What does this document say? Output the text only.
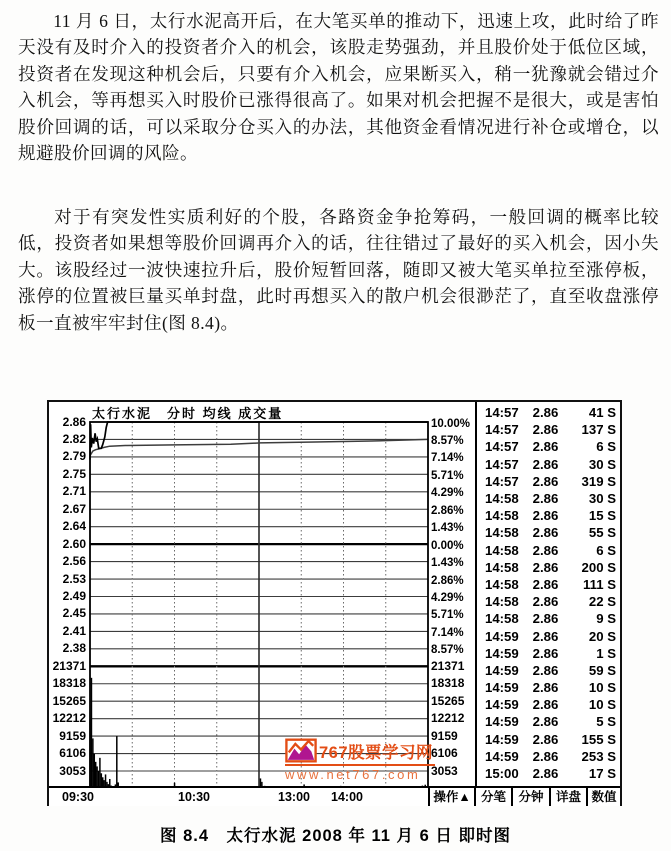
11 月 6 日，太行水泥高开后，在大笔买单的推动下，迅速上攻，此时给了昨天没有及时介入的投资者介入的机会，该股走势强劲，并且股价处于低位区域，投资者在发现这种机会后，只要有介入机会，应果断买入，稍一犹豫就会错过介入机会，等再想买入时股价已涨得很高了。如果对机会把握不是很大，或是害怕股价回调的话，可以采取分仓买入的办法，其他资金看情况进行补仓或增仓，以规避股价回调的风险。

对于有突发性实质利好的个股，各路资金争抢筹码，一般回调的概率比较低，投资者如果想等股价回调再介入的话，往往错过了最好的买入机会，因小失大。该股经过一波快速拉升后，股价短暂回落，随即又被大笔买单拉至涨停板，涨停的位置被巨量买单封盘，此时再想买入的散户机会很渺茫了，直至收盘涨停板一直被牢牢封住(图 8.4)。

太行水泥　分时 均线 成交量
2.86
2.82
2.79
2.75
2.71
2.67
2.64
2.60
2.56
2.53
2.49
2.45
2.41
2.38
21371
18318
15265
12212
9159
6106
3053
10.00%
8.57%
7.14%
5.71%
4.29%
2.86%
1.43%
0.00%
1.43%
2.86%
4.29%
5.71%
7.14%
8.57%
21371
18318
15265
12212
9159
6106
3053
14:57	2.86	41 S
14:57	2.86	137 S
14:57	2.86	6 S
14:57	2.86	30 S
14:57	2.86	319 S
14:58	2.86	30 S
14:58	2.86	15 S
14:58	2.86	55 S
14:58	2.86	6 S
14:58	2.86	200 S
14:58	2.86	111 S
14:58	2.86	22 S
14:58	2.86	9 S
14:59	2.86	20 S
14:59	2.86	1 S
14:59	2.86	59 S
14:59	2.86	10 S
14:59	2.86	10 S
14:59	2.86	5 S
14:59	2.86	155 S
14:59	2.86	253 S
15:00	2.86	17 S
09:30	10:30	13:00 14:00	操作▲ 分笔 分钟 详盘 数值
767股票学习网
www.net767.com
图 8.4　太行水泥 2008 年 11 月 6 日 即时图
